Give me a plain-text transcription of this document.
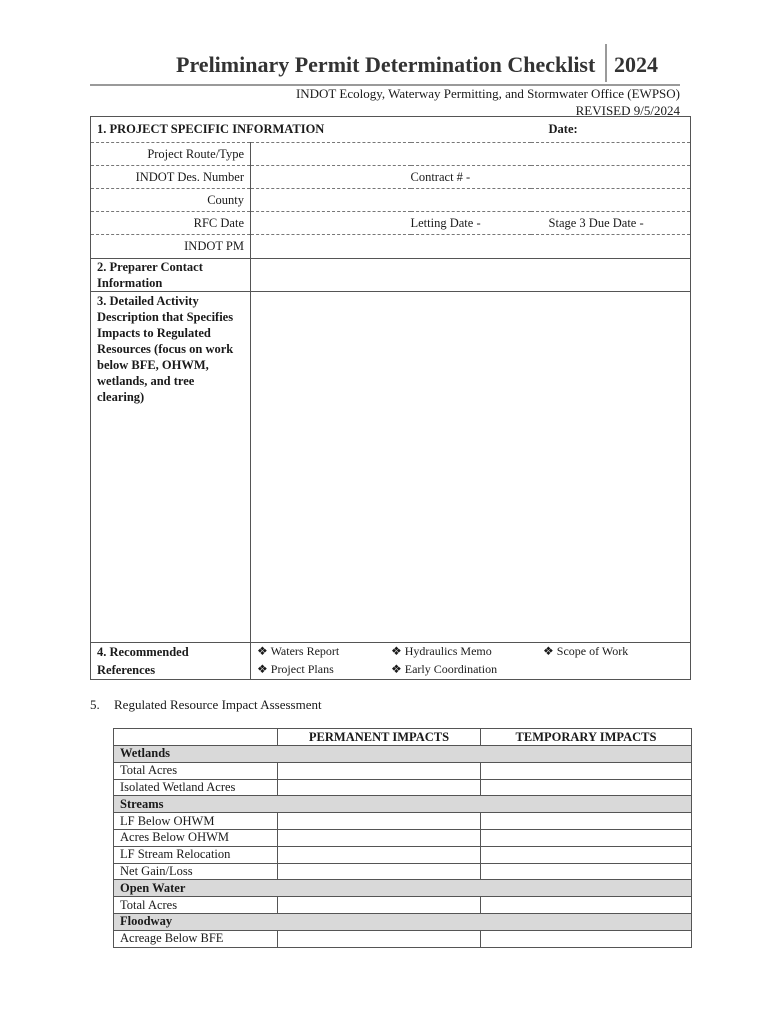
Preliminary Permit Determination Checklist 2024
INDOT Ecology, Waterway Permitting, and Stormwater Office (EWPSO)
REVISED 9/5/2024
1. PROJECT SPECIFIC INFORMATION			Date:
Project Route/Type			
INDOT Des. Number		Contract # -	
County			
RFC Date		Letting Date -	Stage 3 Due Date -
INDOT PM			
2. Preparer Contact Information			
3. Detailed Activity Description that Specifies Impacts to Regulated Resources (focus on work below BFE, OHWM, wetlands, and tree clearing)			
4. Recommended References	❖ Waters Report ❖ Hydraulics Memo ❖ Scope of Work
❖ Project Plans ❖ Early Coordination		
5. Regulated Resource Impact Assessment
	PERMANENT IMPACTS	TEMPORARY IMPACTS
Wetlands		
Total Acres		
Isolated Wetland Acres		
Streams		
LF Below OHWM		
Acres Below OHWM		
LF Stream Relocation		
Net Gain/Loss		
Open Water		
Total Acres		
Floodway		
Acreage Below BFE		
